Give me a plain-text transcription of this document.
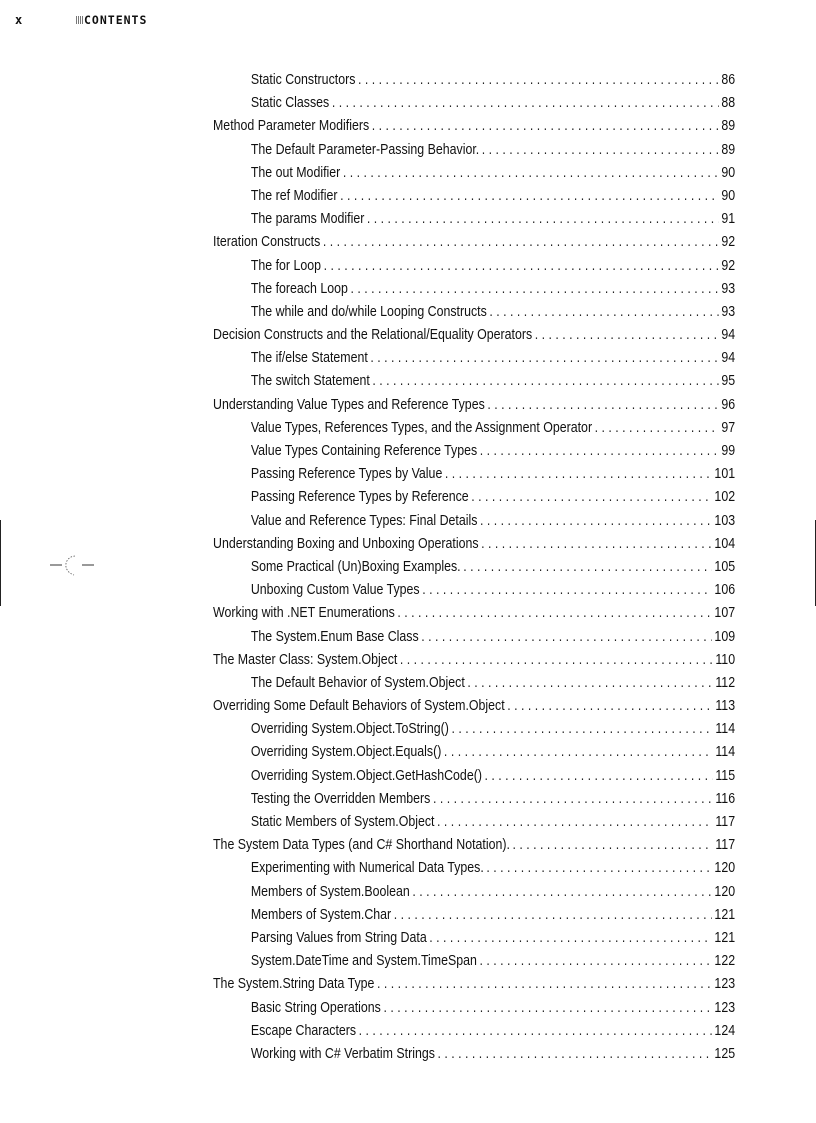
x	CONTENTS
Static Constructors . . .	86
Static Classes . . .	88
Method Parameter Modifiers . . .	89
The Default Parameter-Passing Behavior. . . .	89
The out Modifier . . .	90
The ref Modifier . . .	90
The params Modifier . . .	91
Iteration Constructs . . .	92
The for Loop . . .	92
The foreach Loop . . .	93
The while and do/while Looping Constructs . . .	93
Decision Constructs and the Relational/Equality Operators . . .	94
The if/else Statement . . .	94
The switch Statement . . .	95
Understanding Value Types and Reference Types . . .	96
Value Types, References Types, and the Assignment Operator . . .	97
Value Types Containing Reference Types . . .	99
Passing Reference Types by Value . . .	101
Passing Reference Types by Reference . . .	102
Value and Reference Types: Final Details . . .	103
Understanding Boxing and Unboxing Operations . . .	104
Some Practical (Un)Boxing Examples. . . .	105
Unboxing Custom Value Types . . .	106
Working with .NET Enumerations . . .	107
The System.Enum Base Class . . .	109
The Master Class: System.Object . . .	110
The Default Behavior of System.Object . . .	112
Overriding Some Default Behaviors of System.Object . . .	113
Overriding System.Object.ToString() . . .	114
Overriding System.Object.Equals() . . .	114
Overriding System.Object.GetHashCode() . . .	115
Testing the Overridden Members . . .	116
Static Members of System.Object . . .	117
The System Data Types (and C# Shorthand Notation). . . .	117
Experimenting with Numerical Data Types. . . .	120
Members of System.Boolean . . .	120
Members of System.Char . . .	121
Parsing Values from String Data . . .	121
System.DateTime and System.TimeSpan . . .	122
The System.String Data Type . . .	123
Basic String Operations . . .	123
Escape Characters . . .	124
Working with C# Verbatim Strings . . .	125
